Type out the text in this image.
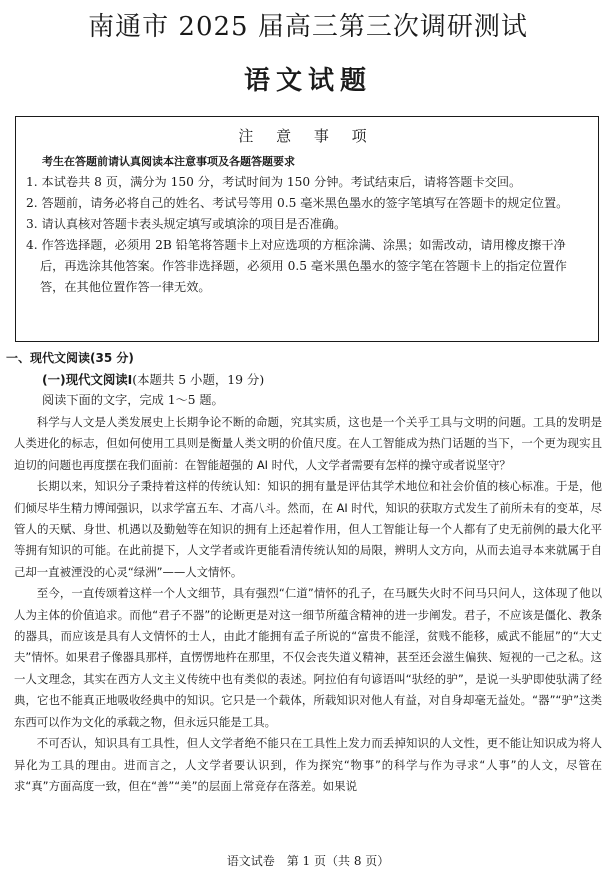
南通市 2025 届高三第三次调研测试
语文试题
注 意 事 项
考生在答题前请认真阅读本注意事项及各题答题要求
1. 本试卷共 8 页，满分为 150 分，考试时间为 150 分钟。考试结束后，请将答题卡交回。
2. 答题前，请务必将自己的姓名、考试号等用 0.5 毫米黑色墨水的签字笔填写在答题卡的规定位置。
3. 请认真核对答题卡表头规定填写或填涂的项目是否准确。
4. 作答选择题，必须用 2B 铅笔将答题卡上对应选项的方框涂满、涂黑；如需改动，请用橡皮擦干净后，再选涂其他答案。作答非选择题，必须用 0.5 毫米黑色墨水的签字笔在答题卡上的指定位置作答，在其他位置作答一律无效。
一、现代文阅读(35 分)
(一)现代文阅读Ⅰ(本题共 5 小题，19 分)
阅读下面的文字，完成 1～5 题。

科学与人文是人类发展史上长期争论不断的命题，究其实质，这也是一个关乎工具与文明的问题。工具的发明是人类进化的标志，但如何使用工具则是衡量人类文明的价值尺度。在人工智能成为热门话题的当下，一个更为现实且迫切的问题也再度摆在我们面前：在智能超强的 AI 时代，人文学者需要有怎样的操守或者说坚守？

长期以来，知识分子秉持着这样的传统认知：知识的拥有量是评估其学术地位和社会价值的核心标准。于是，他们倾尽毕生精力博闻强识，以求学富五车、才高八斗。然而，在 AI 时代，知识的获取方式发生了前所未有的变革，尽管人的天赋、身世、机遇以及勤勉等在知识的拥有上还起着作用，但人工智能让每一个人都有了史无前例的最大化平等拥有知识的可能。在此前提下，人文学者或许更能看清传统认知的局限，辨明人文方向，从而去追寻本来就属于自己却一直被湮没的心灵“绿洲”——人文情怀。

至今，一直传颂着这样一个人文细节，具有强烈“仁道”情怀的孔子，在马厩失火时不问马只问人，这体现了他以人为主体的价值追求。而他“君子不器”的论断更是对这一细节所蕴含精神的进一步阐发。君子，不应该是僵化、教条的器具，而应该是具有人文情怀的士人，由此才能拥有孟子所说的“富贵不能淫，贫贱不能移，威武不能屈”的“大丈夫”情怀。如果君子像器具那样，直愣愣地杵在那里，不仅会丧失道义精神，甚至还会滋生偏狭、短视的一己之私。这一人文理念，其实在西方人文主义传统中也有类似的表述。阿拉伯有句谚语叫“驮经的驴”，是说一头驴即使驮满了经典，它也不能真正地吸收经典中的知识。它只是一个载体，所载知识对他人有益，对自身却毫无益处。“器”“驴”这类东西可以作为文化的承载之物，但永远只能是工具。

不可否认，知识具有工具性，但人文学者绝不能只在工具性上发力而丢掉知识的人文性，更不能让知识成为将人异化为工具的理由。进而言之，人文学者要认识到，作为探究“物事”的科学与作为寻求“人事”的人文，尽管在求“真”方面高度一致，但在“善”“美”的层面上常竞存在落差。如果说

语文试卷　第 1 页（共 8 页）
